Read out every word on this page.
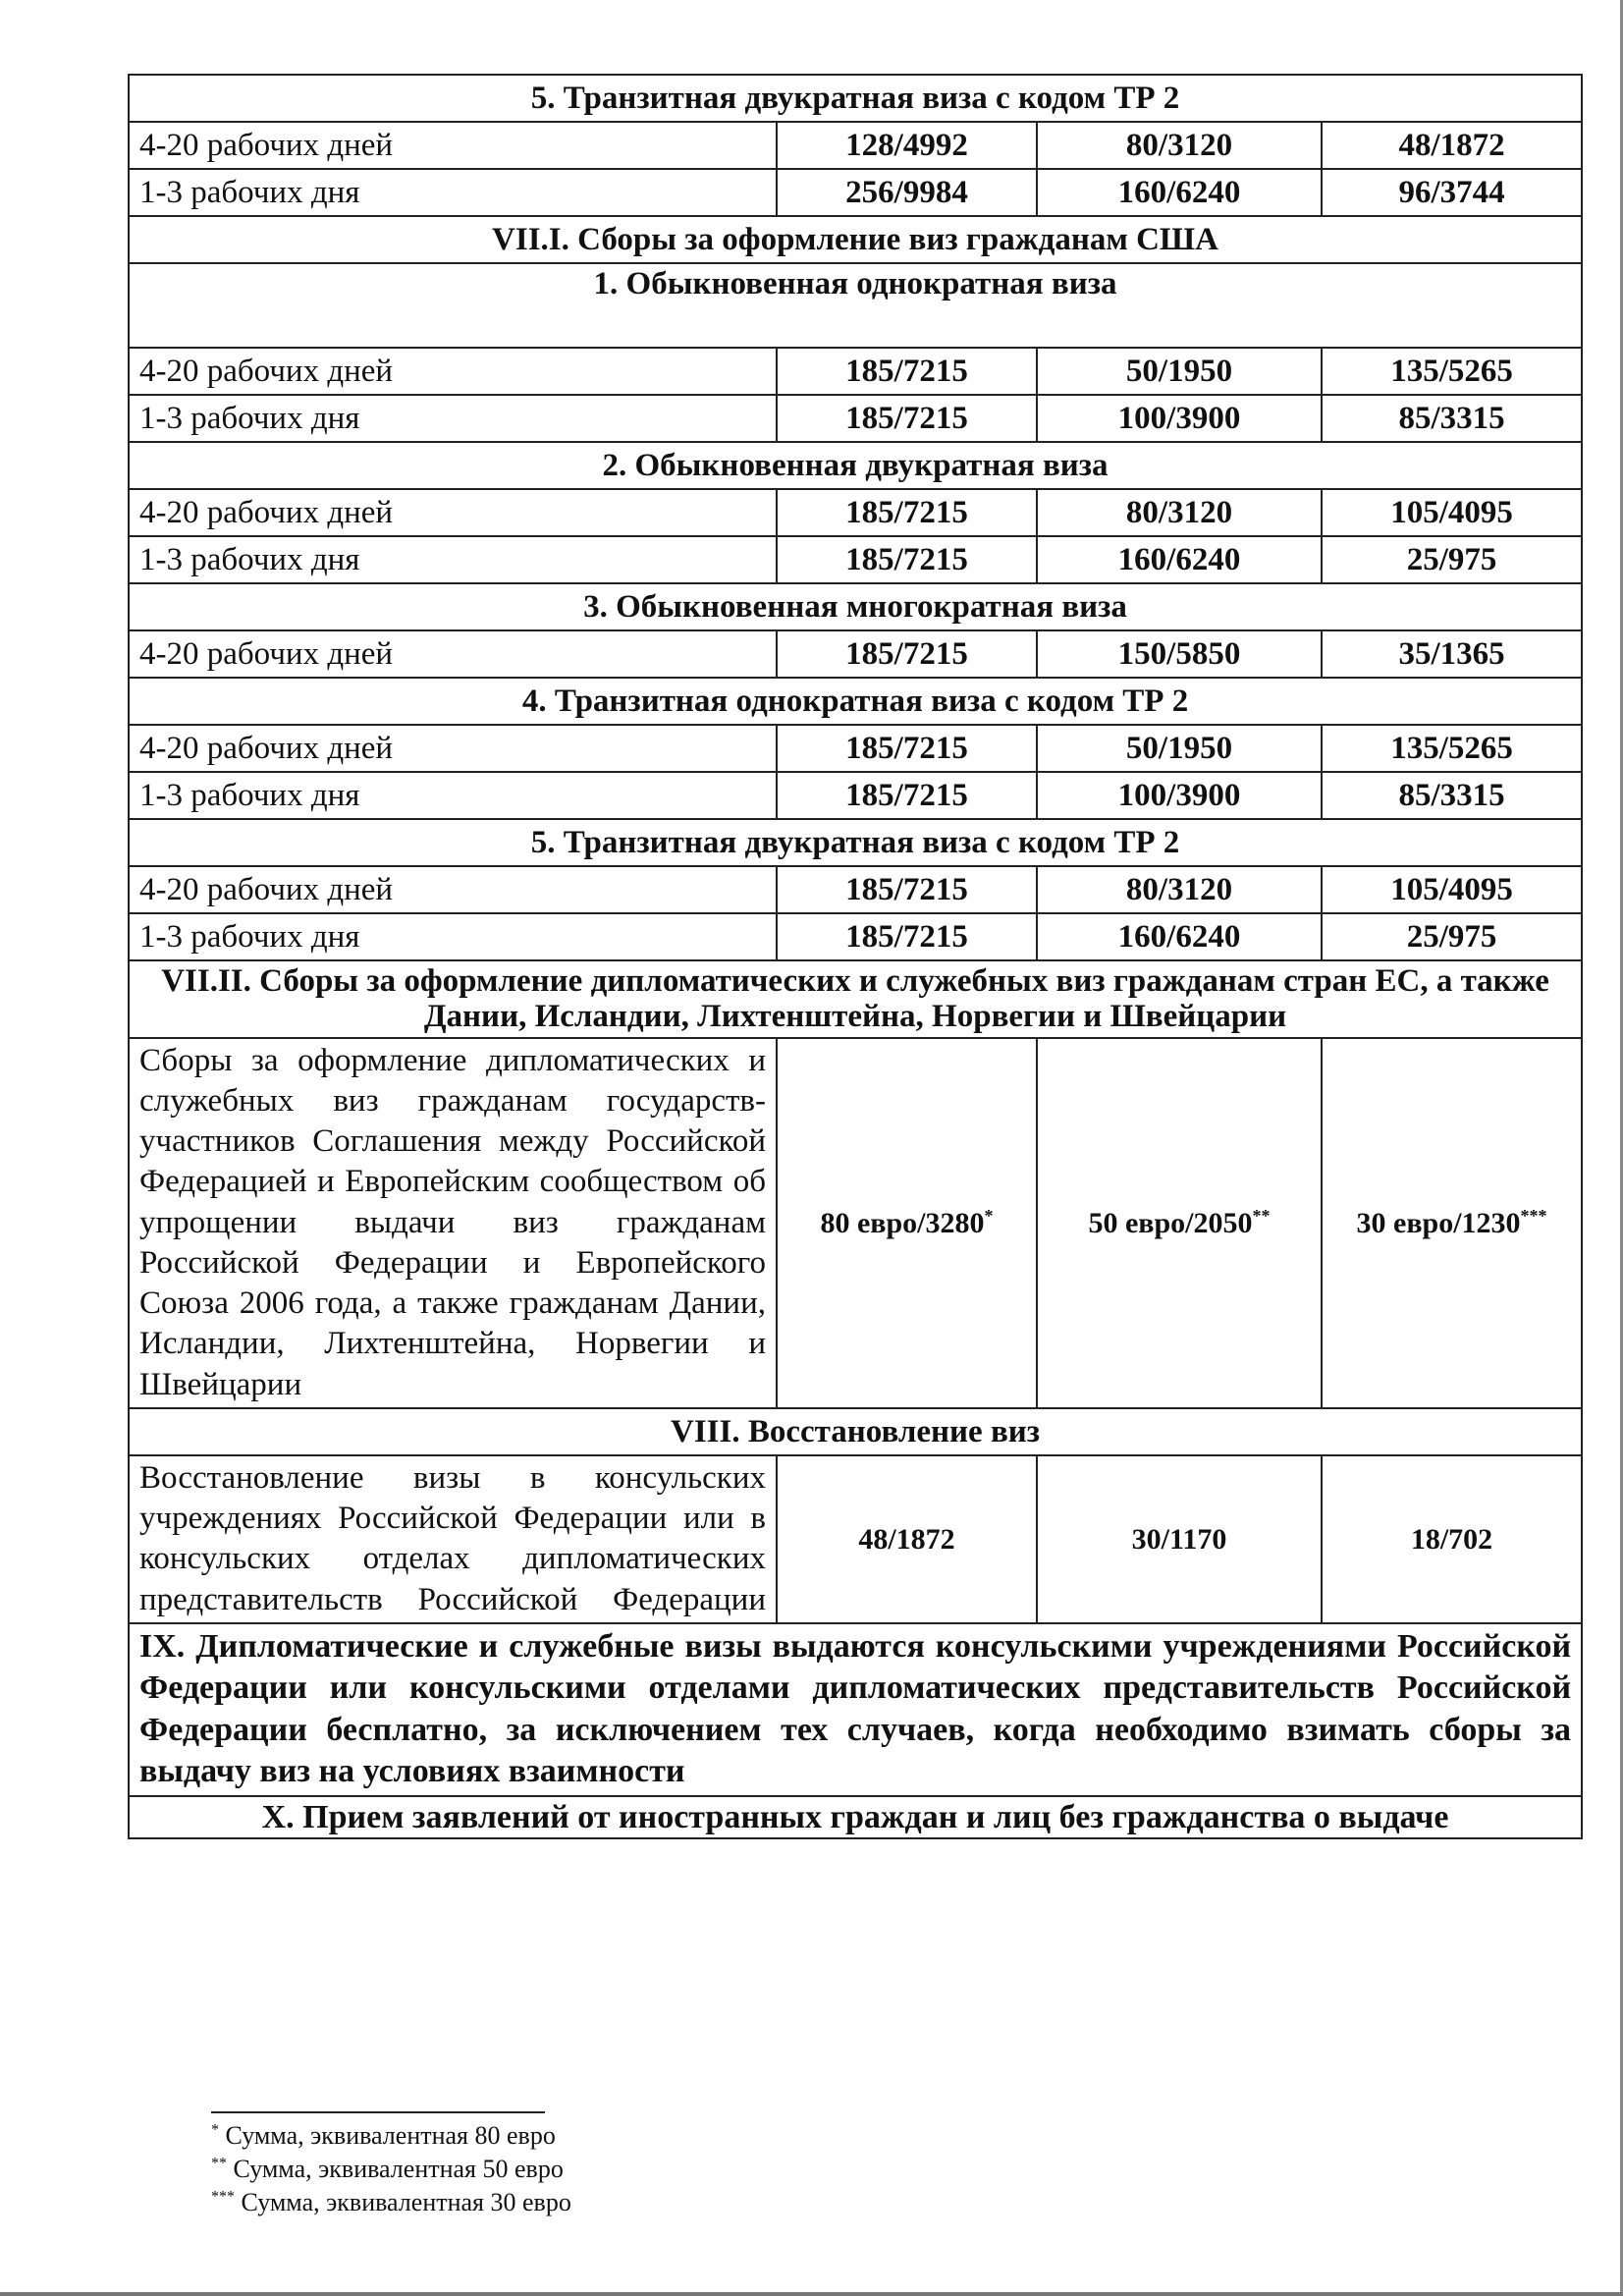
5. Транзитная двукратная виза с кодом ТР 2			
4-20 рабочих дней	128/4992	80/3120	48/1872
1-3 рабочих дня	256/9984	160/6240	96/3744
VII.I. Сборы за оформление виз гражданам США			
1. Обыкновенная однократная виза			
4-20 рабочих дней	185/7215	50/1950	135/5265
1-3 рабочих дня	185/7215	100/3900	85/3315
2. Обыкновенная двукратная виза			
4-20 рабочих дней	185/7215	80/3120	105/4095
1-3 рабочих дня	185/7215	160/6240	25/975
3. Обыкновенная многократная виза			
4-20 рабочих дней	185/7215	150/5850	35/1365
4. Транзитная однократная виза с кодом ТР 2			
4-20 рабочих дней	185/7215	50/1950	135/5265
1-3 рабочих дня	185/7215	100/3900	85/3315
5. Транзитная двукратная виза с кодом ТР 2			
4-20 рабочих дней	185/7215	80/3120	105/4095
1-3 рабочих дня	185/7215	160/6240	25/975
VII.II. Сборы за оформление дипломатических и служебных виз гражданам стран ЕС, а также Дании, Исландии, Лихтенштейна, Норвегии и Швейцарии			
Сборы за оформление дипломатических и служебных виз гражданам государств-участников Соглашения между Российской Федерацией и Европейским сообществом об упрощении выдачи виз гражданам Российской Федерации и Европейского Союза 2006 года, а также гражданам Дании, Исландии, Лихтенштейна, Норвегии и Швейцарии	80 евро/3280*	50 евро/2050**	30 евро/1230***
VIII. Восстановление виз			
Восстановление визы в консульских учреждениях Российской Федерации или в консульских отделах дипломатических представительств Российской Федерации	48/1872	30/1170	18/702
IX. Дипломатические и служебные визы выдаются консульскими учреждениями Российской Федерации или консульскими отделами дипломатических представительств Российской Федерации бесплатно, за исключением тех случаев, когда необходимо взимать сборы за выдачу виз на условиях взаимности			
X. Прием заявлений от иностранных граждан и лиц без гражданства о выдаче			
* Сумма, эквивалентная 80 евро
** Сумма, эквивалентная 50 евро
*** Сумма, эквивалентная 30 евро
